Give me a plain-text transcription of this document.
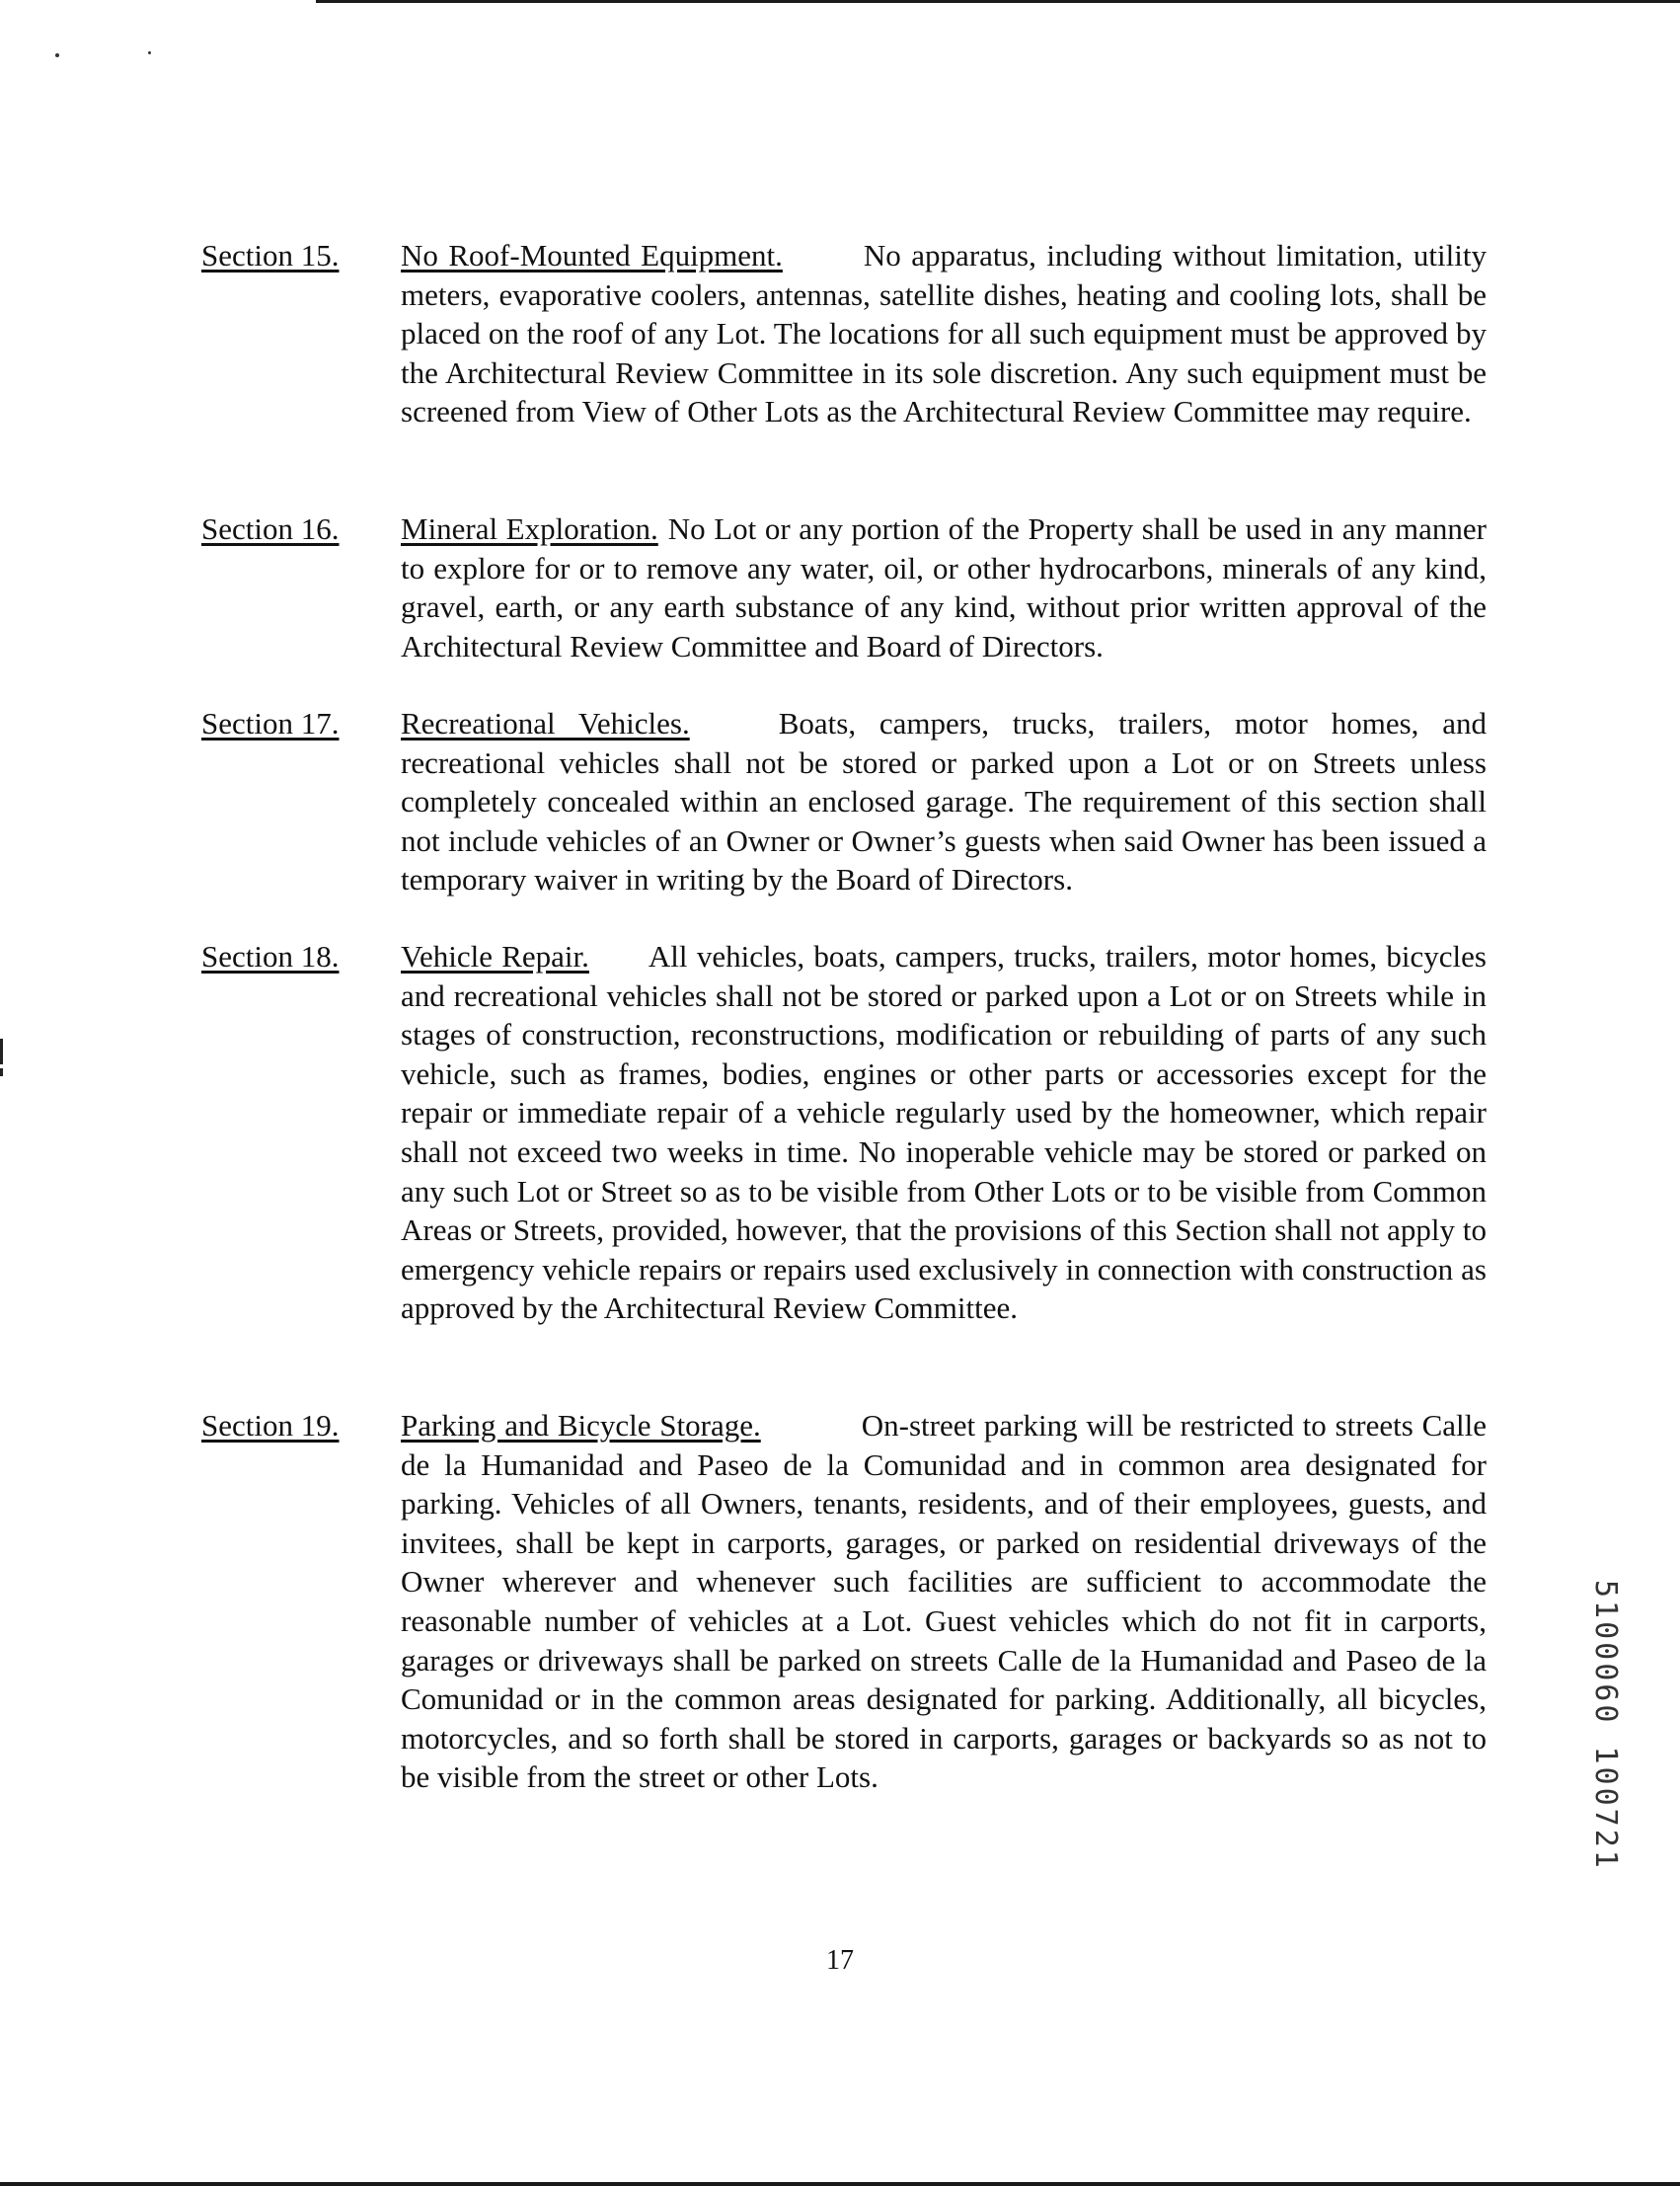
Section 15. No Roof-Mounted Equipment.	No apparatus, including without limitation, utility meters, evaporative coolers, antennas, satellite dishes, heating and cooling lots, shall be placed on the roof of any Lot. The locations for all such equipment must be approved by the Architectural Review Committee in its sole discretion. Any such equipment must be screened from View of Other Lots as the Architectural Review Committee may require.

Section 16. Mineral Exploration. No Lot or any portion of the Property shall be used in any manner to explore for or to remove any water, oil, or other hydrocarbons, minerals of any kind, gravel, earth, or any earth substance of any kind, without prior written approval of the Architectural Review Committee and Board of Directors.

Section 17. Recreational Vehicles.	Boats, campers, trucks, trailers, motor homes, and recreational vehicles shall not be stored or parked upon a Lot or on Streets unless completely concealed within an enclosed garage. The requirement of this section shall not include vehicles of an Owner or Owner’s guests when said Owner has been issued a temporary waiver in writing by the Board of Directors.

Section 18. Vehicle Repair. All vehicles, boats, campers, trucks, trailers, motor homes, bicycles and recreational vehicles shall not be stored or parked upon a Lot or on Streets while in stages of construction, reconstructions, modification or rebuilding of parts of any such vehicle, such as frames, bodies, engines or other parts or accessories except for the repair or immediate repair of a vehicle regularly used by the homeowner, which repair shall not exceed two weeks in time. No inoperable vehicle may be stored or parked on any such Lot or Street so as to be visible from Other Lots or to be visible from Common Areas or Streets, provided, however, that the provisions of this Section shall not apply to emergency vehicle repairs or repairs used exclusively in connection with construction as approved by the Architectural Review Committee.

Section 19. Parking and Bicycle Storage.	On-street parking will be restricted to streets Calle de la Humanidad and Paseo de la Comunidad and in common area designated for parking. Vehicles of all Owners, tenants, residents, and of their employees, guests, and invitees, shall be kept in carports, garages, or parked on residential driveways of the Owner wherever and whenever such facilities are sufficient to accommodate the reasonable number of vehicles at a Lot. Guest vehicles which do not fit in carports, garages or driveways shall be parked on streets Calle de la Humanidad and Paseo de la Comunidad or in the common areas designated for parking. Additionally, all bicycles, motorcycles, and so forth shall be stored in carports, garages or backyards so as not to be visible from the street or other Lots.

17
5100060 100721
